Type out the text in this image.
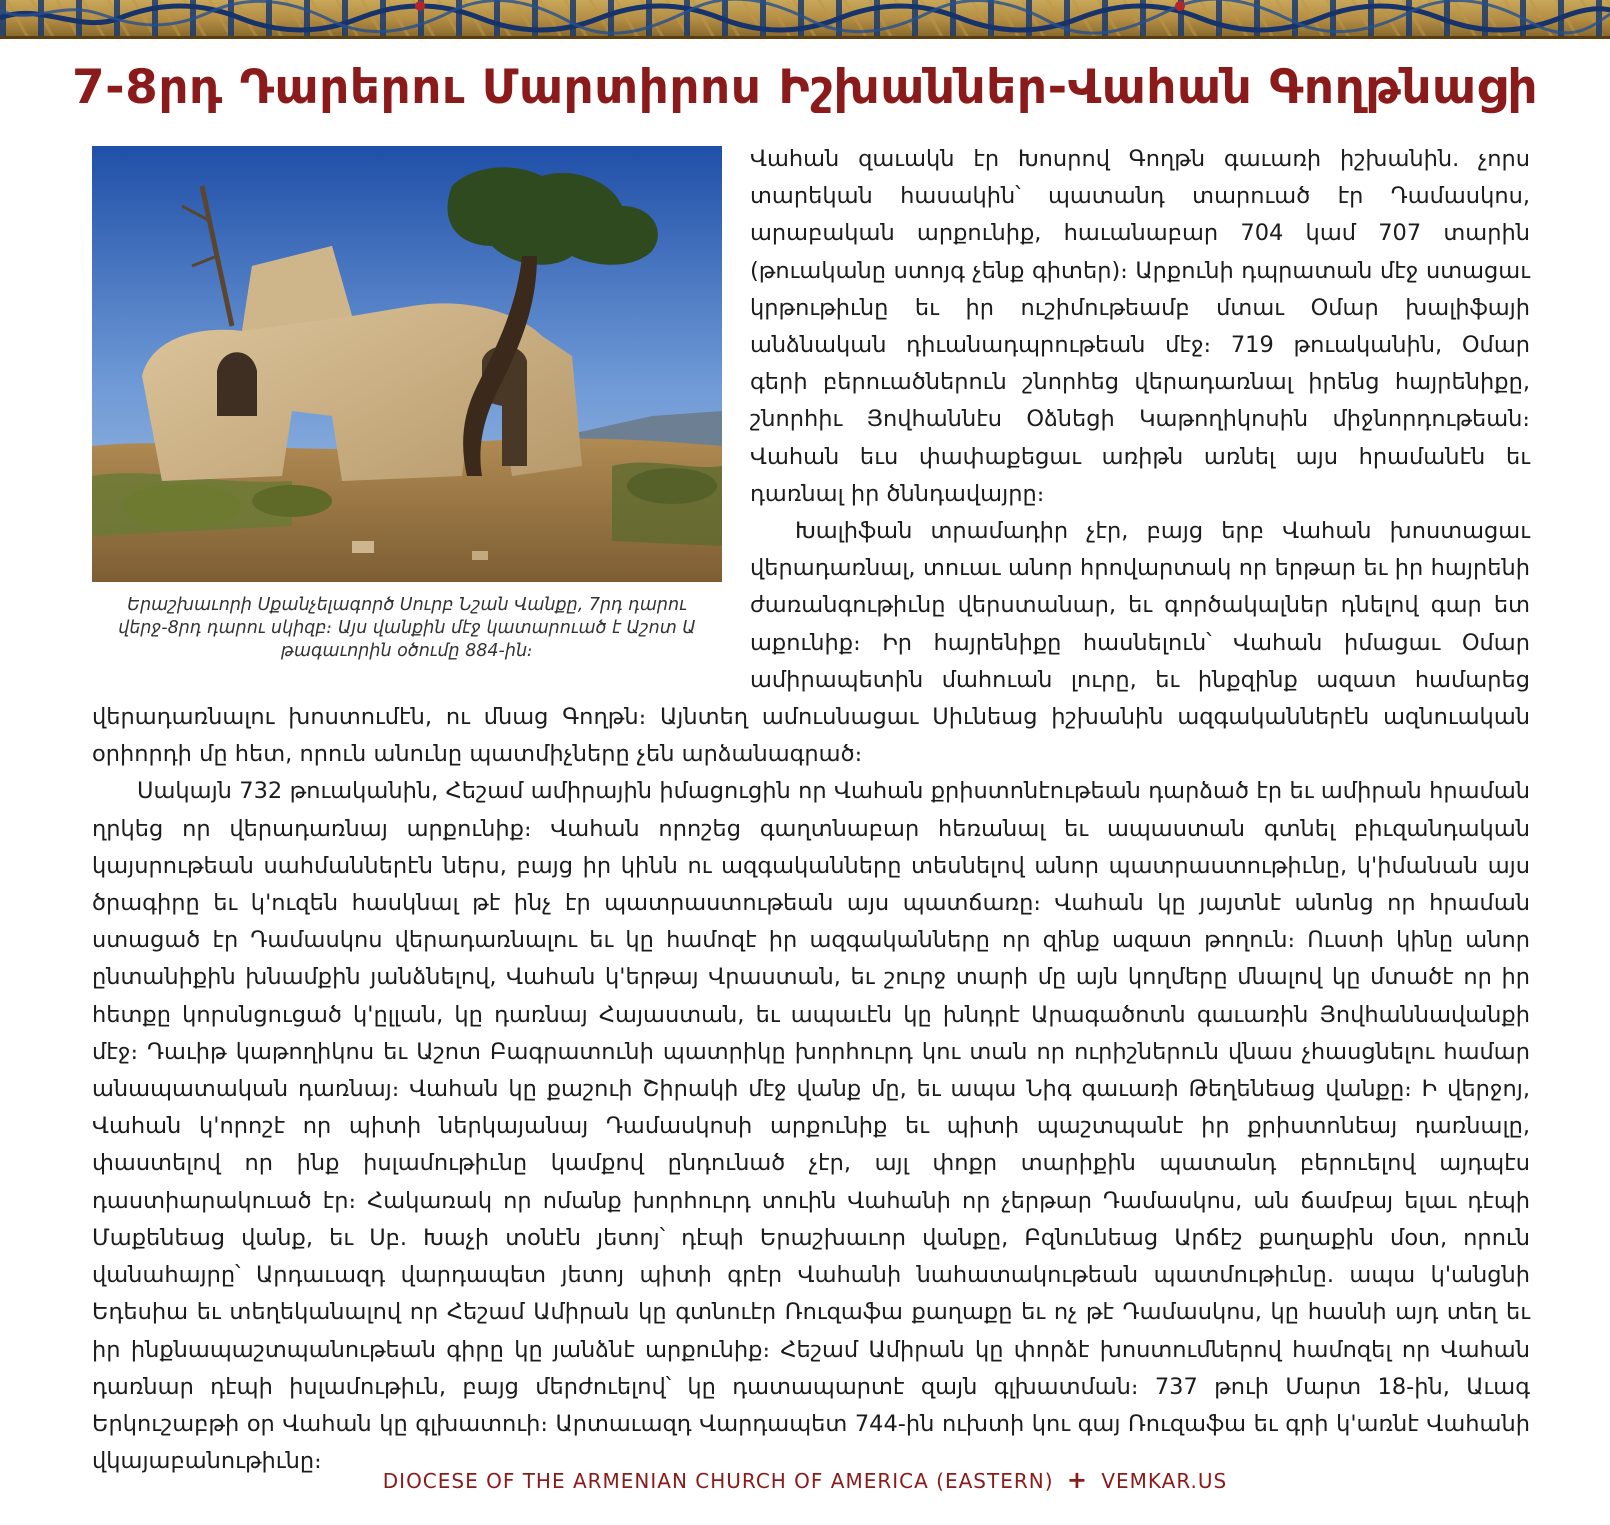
7-8րդ Դարերու Մարտիրոս Իշխաններ-Վահան Գողթնացի
Երաշխաւորի Սքանչելագործ Սուրբ Նշան Վանքը, 7րդ դարու վերջ-8րդ դարու սկիզբ։ Այս վանքին մէջ կատարուած է Աշոտ Ա թագաւորին օծումը 884-ին։

Վահան զաւակն էր Խոսրով Գողթն գաւառի իշխանին. չորս տարեկան հասակին՝ պատանդ տարուած էր Դամասկոս, արաբական արքունիք, հաւանաբար 704 կամ 707 տարին (թուականը ստոյգ չենք գիտեր)։ Արքունի դպրատան մէջ ստացաւ կրթութիւնը եւ իր ուշիմութեամբ մտաւ Օմար խալիֆայի անձնական դիւանադպրութեան մէջ։ 719 թուականին, Օմար գերի բերուածներուն շնորհեց վերադառնալ իրենց հայրենիքը, շնորհիւ Յովհաննէս Օձնեցի Կաթողիկոսին միջնորդութեան։ Վահան եւս փափաքեցաւ առիթն առնել այս հրամանէն եւ դառնալ իր ծննդավայրը։

Խալիֆան տրամադիր չէր, բայց երբ Վահան խոստացաւ վերադառնալ, տուաւ անոր հրովարտակ որ երթար եւ իր հայրենի ժառանգութիւնը վերստանար, եւ գործակալներ դնելով գար ետ աքունիք։ Իր հայրենիքը հասնելուն՝ Վահան իմացաւ Օմար ամիրապետին մահուան լուրը, եւ ինքզինք ազատ համարեց վերադառնալու խոստումէն, ու մնաց Գողթն։ Այնտեղ ամուսնացաւ Սիւնեաց իշխանին ազգականներէն ազնուական օրիորդի մը հետ, որուն անունը պատմիչները չեն արձանագրած։

Սակայն 732 թուականին, Հեշամ ամիրային իմացուցին որ Վահան քրիստոնէութեան դարձած էր եւ ամիրան հրաման ղրկեց որ վերադառնայ արքունիք։ Վահան որոշեց գաղտնաբար հեռանալ եւ ապաստան գտնել բիւզանդական կայսրութեան սահմաններէն ներս, բայց իր կինն ու ազգականները տեսնելով անոր պատրաստութիւնը, կ'իմանան այս ծրագիրը եւ կ'ուզեն հասկնալ թէ ինչ էր պատրաստութեան այս պատճառը։ Վահան կը յայտնէ անոնց որ հրաման ստացած էր Դամասկոս վերադառնալու եւ կը համոզէ իր ազգականները որ զինք ազատ թողուն։ Ուստի կինը անոր ընտանիքին խնամքին յանձնելով, Վահան կ'երթայ Վրաստան, եւ շուրջ տարի մը այն կողմերը մնալով կը մտածէ որ իր հետքը կորսնցուցած կ'ըլլան, կը դառնայ Հայաստան, եւ ապաւէն կը խնդրէ Արագածոտն գաւառին Յովհաննավանքի մէջ։ Դաւիթ կաթողիկոս եւ Աշոտ Բագրատունի պատրիկը խորհուրդ կու տան որ ուրիշներուն վնաս չհասցնելու համար անապատական դառնայ։ Վահան կը քաշուի Շիրակի մէջ վանք մը, եւ ապա Նիգ գաւառի Թեղենեաց վանքը։ Ի վերջոյ, Վահան կ'որոշէ որ պիտի ներկայանայ Դամասկոսի արքունիք եւ պիտի պաշտպանէ իր քրիստոնեայ դառնալը, փաստելով որ ինք իսլամութիւնը կամքով ընդունած չէր, այլ փոքր տարիքին պատանդ բերուելով այդպէս դաստիարակուած էր։ Հակառակ որ ոմանք խորհուրդ տուին Վահանի որ չերթար Դամասկոս, ան ճամբայ ելաւ դէպի Մաքենեաց վանք, եւ Սբ. Խաչի տօնէն յետոյ՝ դէպի Երաշխաւոր վանքը, Բզնունեաց Արճէշ քաղաքին մօտ, որուն վանահայրը՝ Արդաւազդ վարդապետ յետոյ պիտի գրէր Վահանի նահատակութեան պատմութիւնը. ապա կ'անցնի Եդեսիա եւ տեղեկանալով որ Հեշամ Ամիրան կը գտնուէր Ռուզաֆա քաղաքը եւ ոչ թէ Դամասկոս, կը հասնի այդ տեղ եւ իր ինքնապաշտպանութեան գիրը կը յանձնէ արքունիք։ Հեշամ Ամիրան կը փորձէ խոստումներով համոզել որ Վահան դառնար դէպի իսլամութիւն, բայց մերժուելով՝ կը դատապարտէ զայն գլխատման։ 737 թուի Մարտ 18-ին, Աւագ Երկուշաբթի օր Վահան կը գլխատուի։ Արտաւազդ Վարդապետ 744-ին ուխտի կու գայ Ռուզաֆա եւ գրի կ'առնէ Վահանի վկայաբանութիւնը։

DIOCESE OF THE ARMENIAN CHURCH OF AMERICA (EASTERN) + VEMKAR.US
